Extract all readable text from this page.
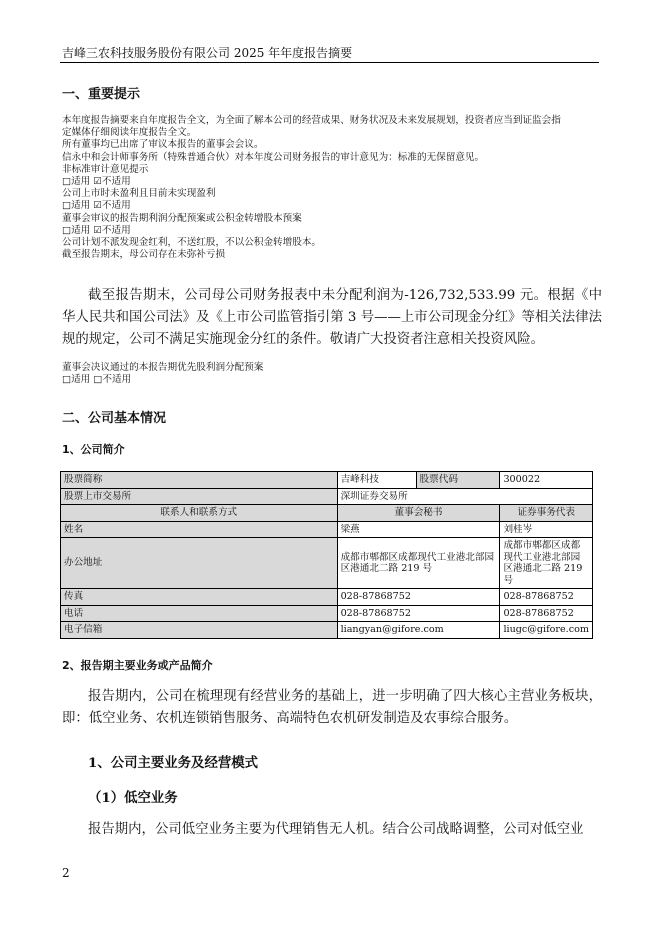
吉峰三农科技服务股份有限公司 2025 年年度报告摘要
一、重要提示
本年度报告摘要来自年度报告全文，为全面了解本公司的经营成果、财务状况及未来发展规划，投资者应当到证监会指
定媒体仔细阅读年度报告全文。
所有董事均已出席了审议本报告的董事会会议。
信永中和会计师事务所（特殊普通合伙）对本年度公司财务报告的审计意见为：标准的无保留意见。
非标准审计意见提示
□适用 ☑不适用
公司上市时未盈利且目前未实现盈利
□适用 ☑不适用
董事会审议的报告期利润分配预案或公积金转增股本预案
□适用 ☑不适用
公司计划不派发现金红利，不送红股，不以公积金转增股本。
截至报告期末，母公司存在未弥补亏损
截至报告期末，公司母公司财务报表中未分配利润为-126,732,533.99 元。根据《中华人民共和国公司法》及《上市公司监管指引第 3 号——上市公司现金分红》等相关法律法规的规定，公司不满足实施现金分红的条件。敬请广大投资者注意相关投资风险。
董事会决议通过的本报告期优先股利润分配预案
□适用 □不适用
二、公司基本情况
1、公司简介
股票简称	吉峰科技	股票代码	300022
股票上市交易所	深圳证券交易所		
联系人和联系方式	董事会秘书		证券事务代表
姓名	梁燕		刘桂岑
办公地址	成都市郫都区成都现代工业港北部园区港通北二路 219 号		成都市郫都区成都现代工业港北部园区港通北二路 219 号
传真	028-87868752		028-87868752
电话	028-87868752		028-87868752
电子信箱	liangyan@gifore.com		liugc@gifore.com
2、报告期主要业务或产品简介
报告期内，公司在梳理现有经营业务的基础上，进一步明确了四大核心主营业务板块，即：低空业务、农机连锁销售服务、高端特色农机研发制造及农事综合服务。
1、公司主要业务及经营模式
（1）低空业务
报告期内，公司低空业务主要为代理销售无人机。结合公司战略调整，公司对低空业
2
